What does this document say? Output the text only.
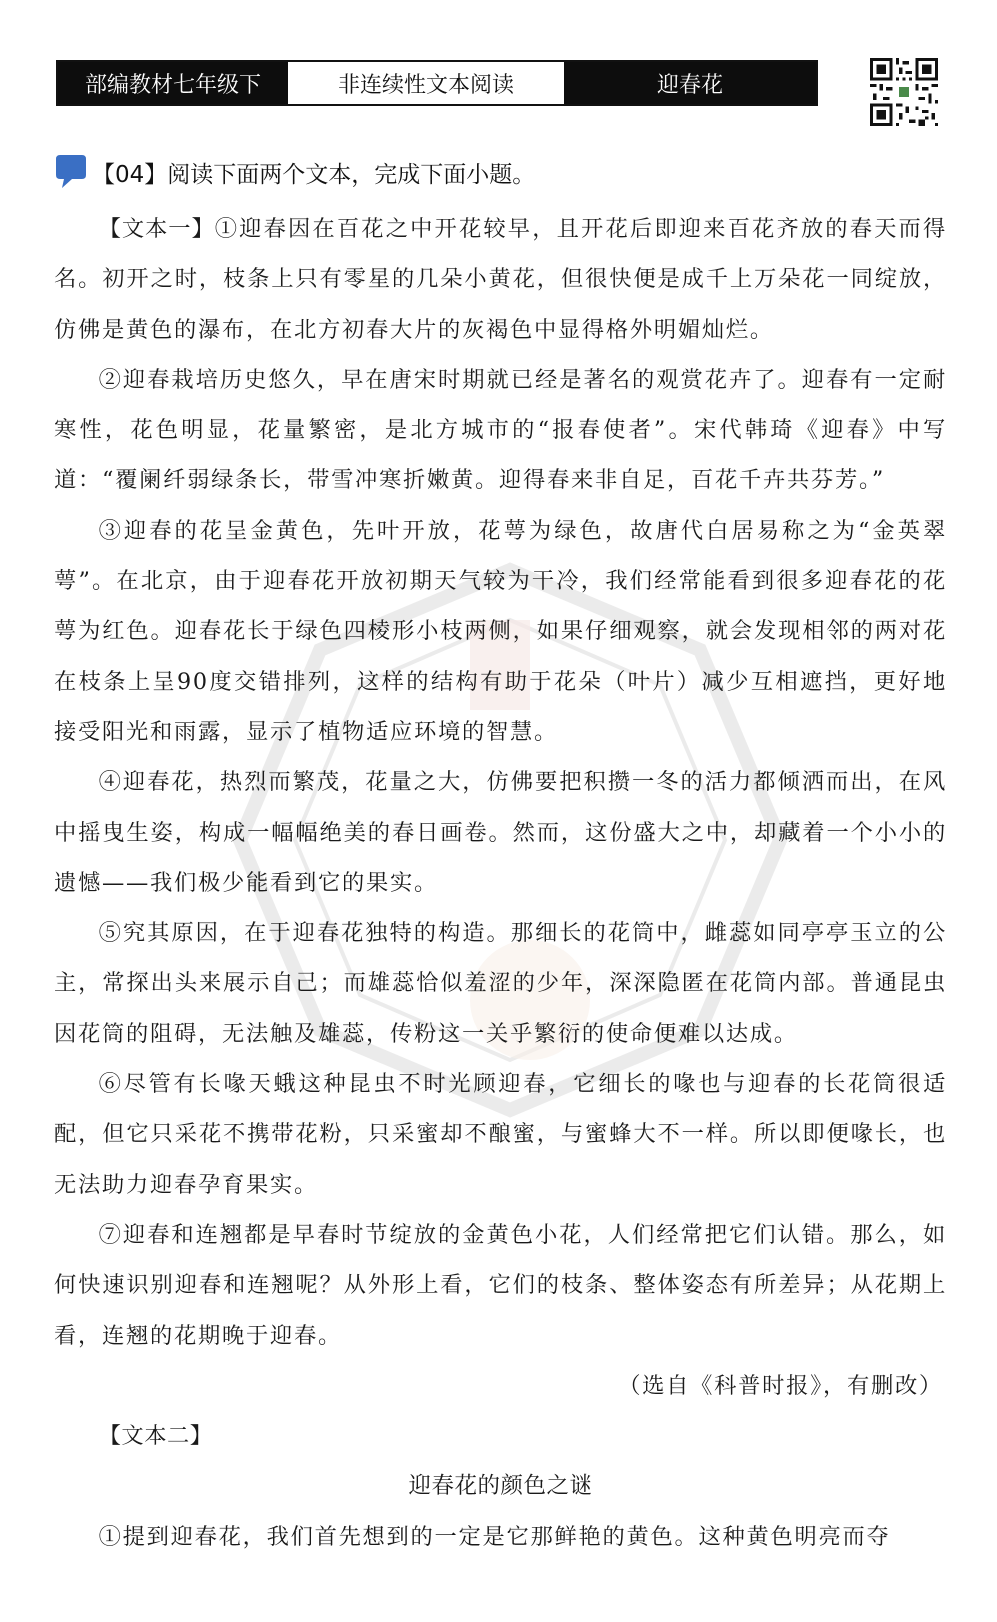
部编教材七年级下	非连续性文本阅读	迎春花
【04】阅读下面两个文本，完成下面小题。

【文本一】①迎春因在百花之中开花较早，且开花后即迎来百花齐放的春天而得名。初开之时，枝条上只有零星的几朵小黄花，但很快便是成千上万朵花一同绽放，仿佛是黄色的瀑布，在北方初春大片的灰褐色中显得格外明媚灿烂。

②迎春栽培历史悠久，早在唐宋时期就已经是著名的观赏花卉了。迎春有一定耐寒性，花色明显，花量繁密，是北方城市的“报春使者”。宋代韩琦《迎春》中写道：“覆阑纤弱绿条长，带雪冲寒折嫩黄。迎得春来非自足，百花千卉共芬芳。”

③迎春的花呈金黄色，先叶开放，花萼为绿色，故唐代白居易称之为“金英翠萼”。在北京，由于迎春花开放初期天气较为干冷，我们经常能看到很多迎春花的花萼为红色。迎春花长于绿色四棱形小枝两侧，如果仔细观察，就会发现相邻的两对花在枝条上呈90度交错排列，这样的结构有助于花朵（叶片）减少互相遮挡，更好地接受阳光和雨露，显示了植物适应环境的智慧。

④迎春花，热烈而繁茂，花量之大，仿佛要把积攒一冬的活力都倾洒而出，在风中摇曳生姿，构成一幅幅绝美的春日画卷。然而，这份盛大之中，却藏着一个小小的遗憾——我们极少能看到它的果实。

⑤究其原因，在于迎春花独特的构造。那细长的花筒中，雌蕊如同亭亭玉立的公主，常探出头来展示自己；而雄蕊恰似羞涩的少年，深深隐匿在花筒内部。普通昆虫因花筒的阻碍，无法触及雄蕊，传粉这一关乎繁衍的使命便难以达成。

⑥尽管有长喙天蛾这种昆虫不时光顾迎春，它细长的喙也与迎春的长花筒很适配，但它只采花不携带花粉，只采蜜却不酿蜜，与蜜蜂大不一样。所以即便喙长，也无法助力迎春孕育果实。

⑦迎春和连翘都是早春时节绽放的金黄色小花，人们经常把它们认错。那么，如何快速识别迎春和连翘呢？从外形上看，它们的枝条、整体姿态有所差异；从花期上看，连翘的花期晚于迎春。

（选自《科普时报》，有删改）

【文本二】

迎春花的颜色之谜

①提到迎春花，我们首先想到的一定是它那鲜艳的黄色。这种黄色明亮而夺
